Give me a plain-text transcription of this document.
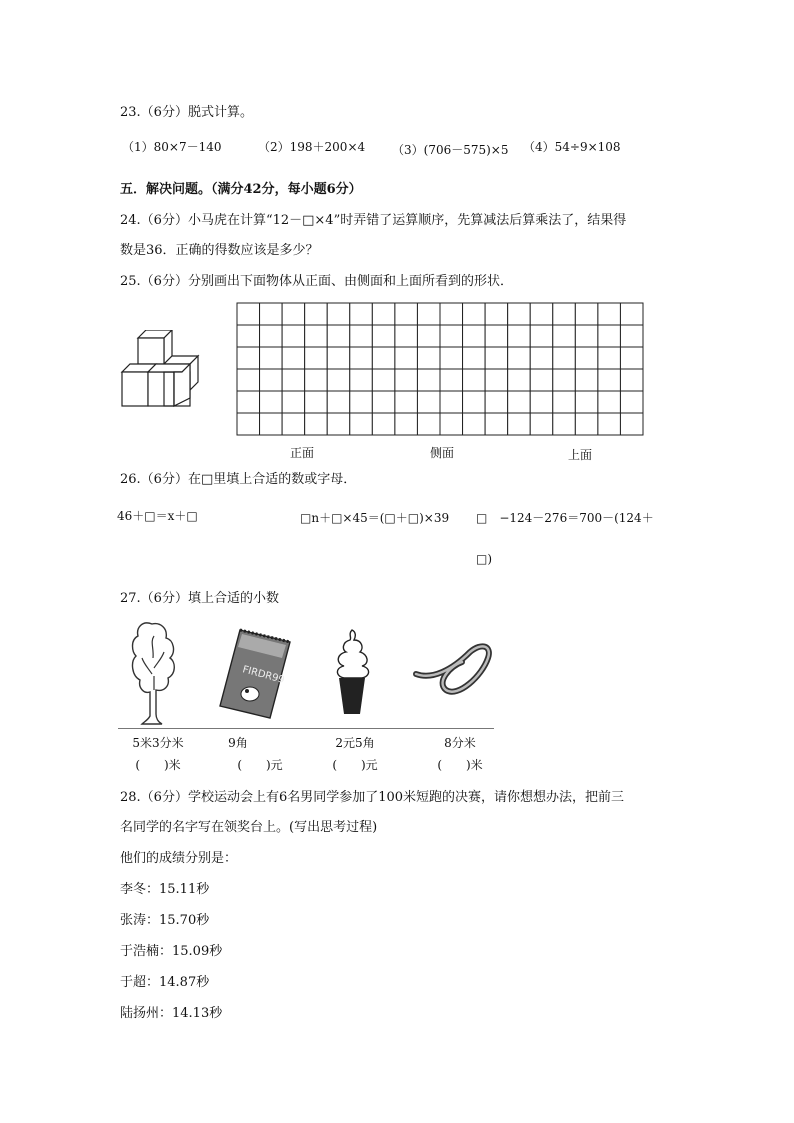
23.（6分）脱式计算。
（1）80×7－140	（2）198＋200×4 （3）(706－575)×5 （4）54÷9×108
五．解决问题。（满分42分，每小题6分）
24.（6分）小马虎在计算“12－□×4”时弄错了运算顺序，先算减法后算乘法了，结果得
数是36．正确的得数应该是多少？
25.（6分）分别画出下面物体从正面、由侧面和上面所看到的形状．
正面	侧面	上面
26.（6分）在□里填上合适的数或字母．
46＋□＝x＋□	□n＋□×45＝(□＋□)×39 □　−124－276＝700－(124＋
□)
27.（6分）填上合适的小数
FIRDR99
5米3分米	9角	2元5角	8分米
(　　)米	(　　)元	(　　)元	(　　)米
28.（6分）学校运动会上有6名男同学参加了100米短跑的决赛，请你想想办法，把前三
名同学的名字写在领奖台上。(写出思考过程)
他们的成绩分别是：
李冬：15.11秒
张涛：15.70秒
于浩楠：15.09秒
于超：14.87秒
陆扬州：14.13秒
